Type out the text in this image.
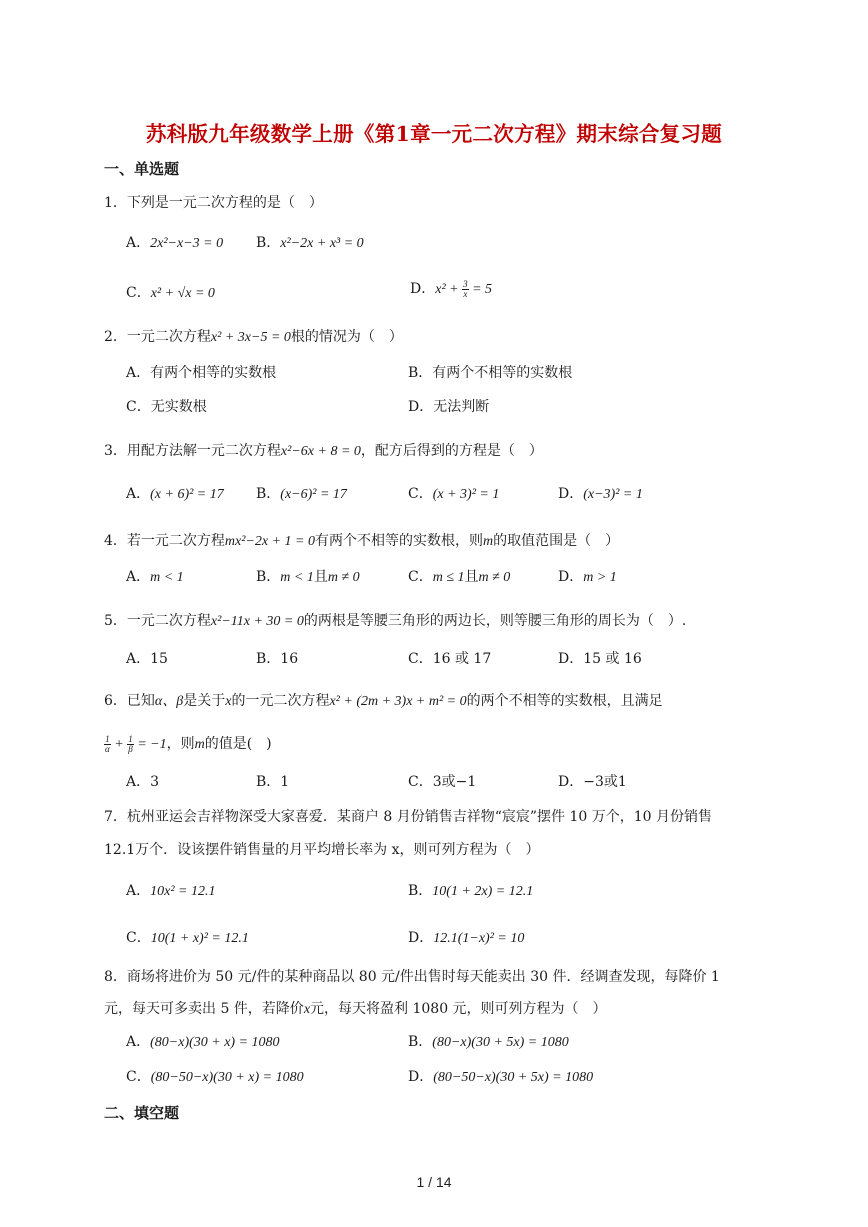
苏科版九年级数学上册《第1章一元二次方程》期末综合复习题
一、单选题
1．下列是一元二次方程的是（　）
A．2x²−x−3 = 0 B．x²−2x + x³ = 0
C．x² + √x = 0	D．$x^2 + \frac{3}{x} = 5$
2．一元二次方程x² + 3x−5 = 0根的情况为（　）
A．有两个相等的实数根	B．有两个不相等的实数根
C．无实数根	D．无法判断
3．用配方法解一元二次方程x²−6x + 8 = 0，配方后得到的方程是（　）
A．(x + 6)² = 17 B．(x−6)² = 17	C．(x + 3)² = 1	D．(x−3)² = 1
4．若一元二次方程mx²−2x + 1 = 0有两个不相等的实数根，则m的取值范围是（　）
A．m < 1	B．m < 1且m ≠ 0	C．m ≤ 1且m ≠ 0	D．m > 1
5．一元二次方程x²−11x + 30 = 0的两根是等腰三角形的两边长，则等腰三角形的周长为（　）.
A．15	B．16	C．16 或 17	D．15 或 16
6．已知α、β是关于x的一元二次方程x² + (2m + 3)x + m² = 0的两个不相等的实数根，且满足
$\frac{1}{\alpha} + \frac{1}{\beta} = -1$，则m的值是(　)
A．3	B．1	C．3或−1	D．−3或1
7．杭州亚运会吉祥物深受大家喜爱．某商户 8 月份销售吉祥物“宸宸”摆件 10 万个，10 月份销售
12.1万个．设该摆件销售量的月平均增长率为 x，则可列方程为（　）
A．10x² = 12.1	B．10(1 + 2x) = 12.1
C．10(1 + x)² = 12.1	D．12.1(1−x)² = 10
8．商场将进价为 50 元/件的某种商品以 80 元/件出售时每天能卖出 30 件．经调查发现，每降价 1
元，每天可多卖出 5 件，若降价x元，每天将盈利 1080 元，则可列方程为（　）
A．(80−x)(30 + x) = 1080	B．(80−x)(30 + 5x) = 1080
C．(80−50−x)(30 + x) = 1080	D．(80−50−x)(30 + 5x) = 1080
二、填空题
1 / 14
